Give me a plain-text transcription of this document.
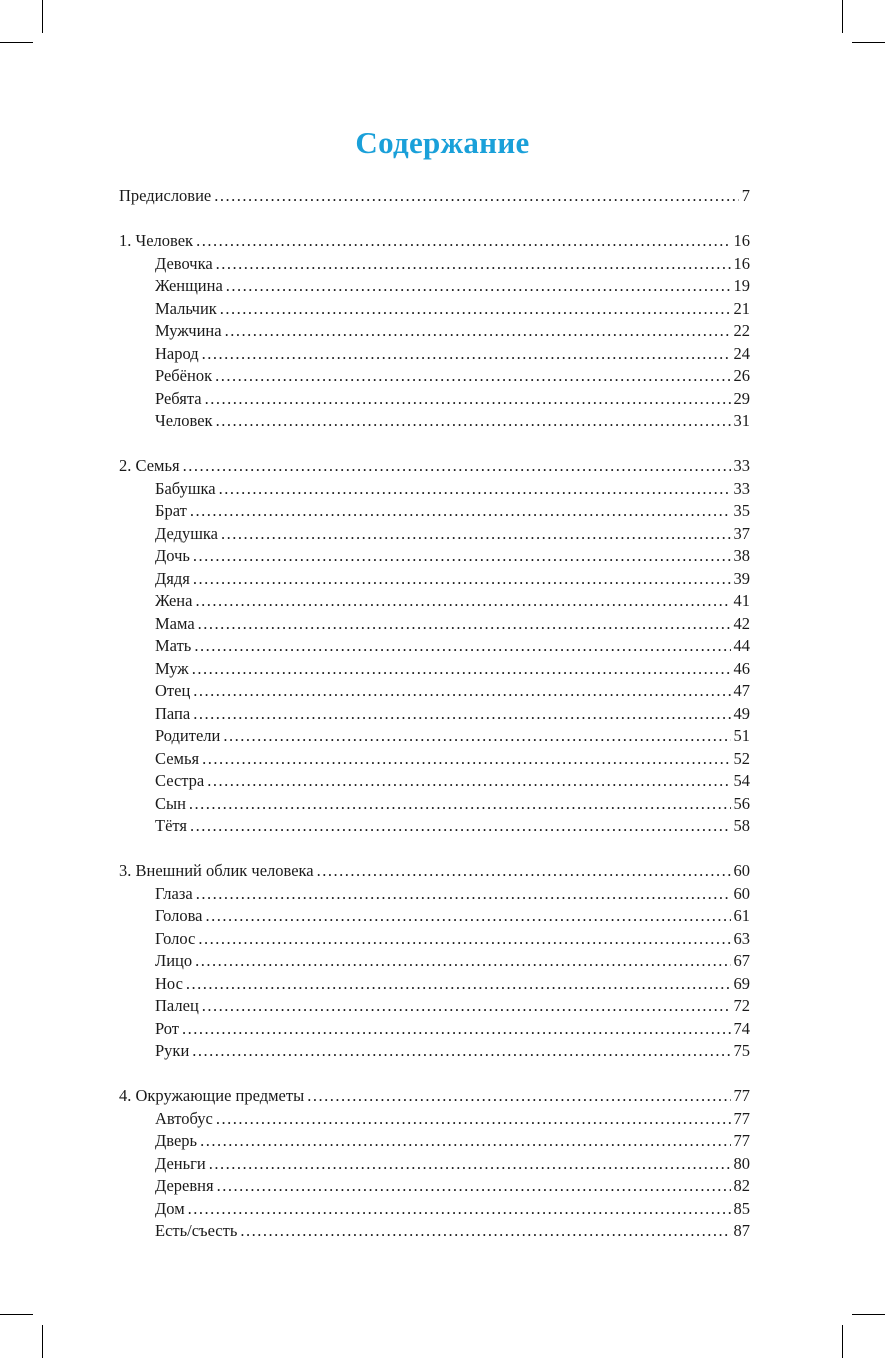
Содержание
Предисловие .....	7
1. Человек .....	16
Девочка .....	16
Женщина .....	19
Мальчик .....	21
Мужчина .....	22
Народ .....	24
Ребёнок .....	26
Ребята .....	29
Человек .....	31
2. Семья .....	33
Бабушка .....	33
Брат .....	35
Дедушка .....	37
Дочь .....	38
Дядя .....	39
Жена .....	41
Мама .....	42
Мать .....	44
Муж .....	46
Отец .....	47
Папа .....	49
Родители .....	51
Семья .....	52
Сестра .....	54
Сын .....	56
Тётя .....	58
3. Внешний облик человека .....	60
Глаза .....	60
Голова .....	61
Голос .....	63
Лицо .....	67
Нос .....	69
Палец .....	72
Рот .....	74
Руки .....	75
4. Окружающие предметы .....	77
Автобус .....	77
Дверь .....	77
Деньги .....	80
Деревня .....	82
Дом .....	85
Есть/съесть .....	87
